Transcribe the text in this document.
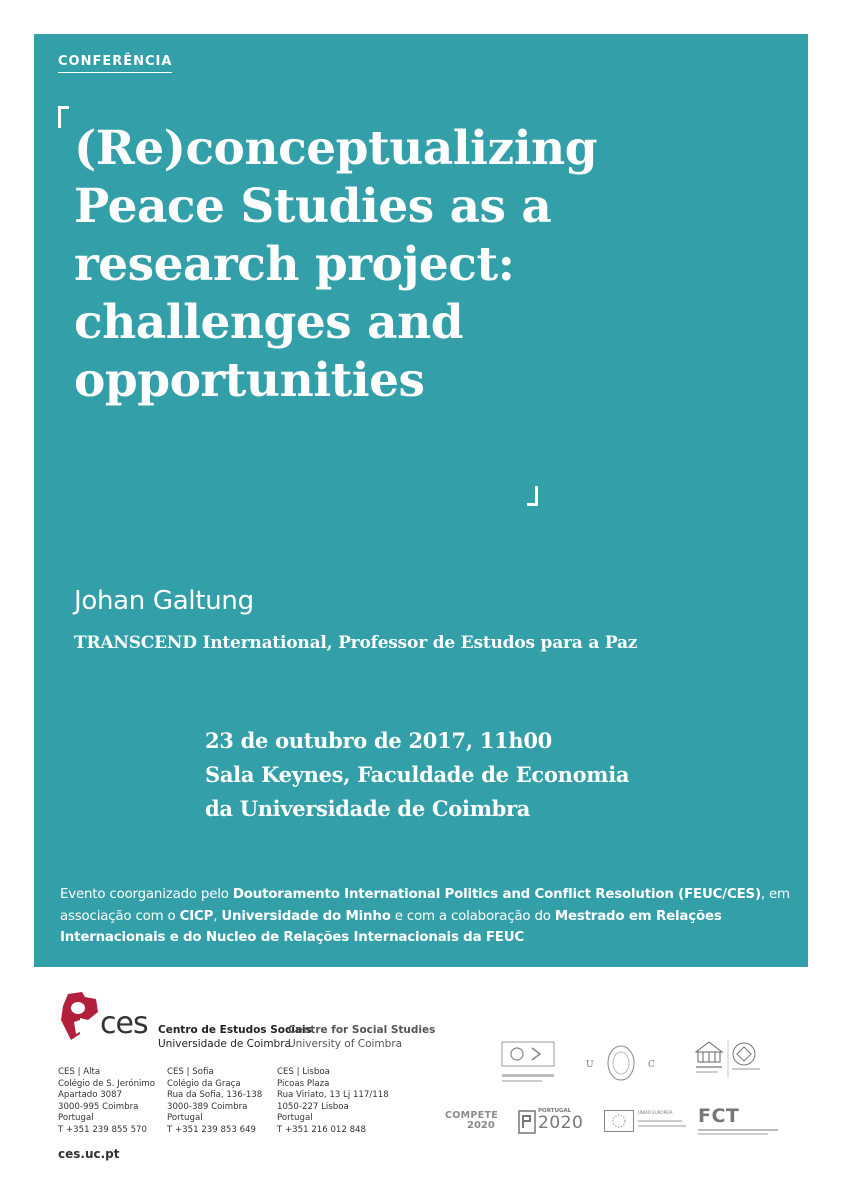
CONFERÊNCIA
(Re)conceptualizing
Peace Studies as a
research project:
challenges and
opportunities
Johan Galtung
TRANSCEND International, Professor de Estudos para a Paz
23 de outubro de 2017, 11h00
Sala Keynes, Faculdade de Economia
da Universidade de Coimbra
Evento coorganizado pelo Doutoramento International Politics and Conflict Resolution (FEUC/CES), em associação com o CICP, Universidade do Minho e com a colaboração do Mestrado em Relações Internacionais e do Nucleo de Relações Internacionais da FEUC
ces Centro de Estudos Sociais
Universidade de Coimbra
Centre for Social Studies
University of Coimbra
CES | Alta
Colégio de S. Jerónimo
Apartado 3087
3000-995 Coimbra
Portugal
T +351 239 855 570
CES | Sofia
Colégio da Graça
Rua da Sofia, 136-138
3000-389 Coimbra
Portugal
T +351 239 853 649
CES | Lisboa
Picoas Plaza
Rua Viriato, 13 Lj 117/118
1050-227 Lisboa
Portugal
T +351 216 012 848
ces.uc.pt
U	C
COMPETE
2020
PORTUGAL
2020
UNIÃO EUROPEIA FCT
